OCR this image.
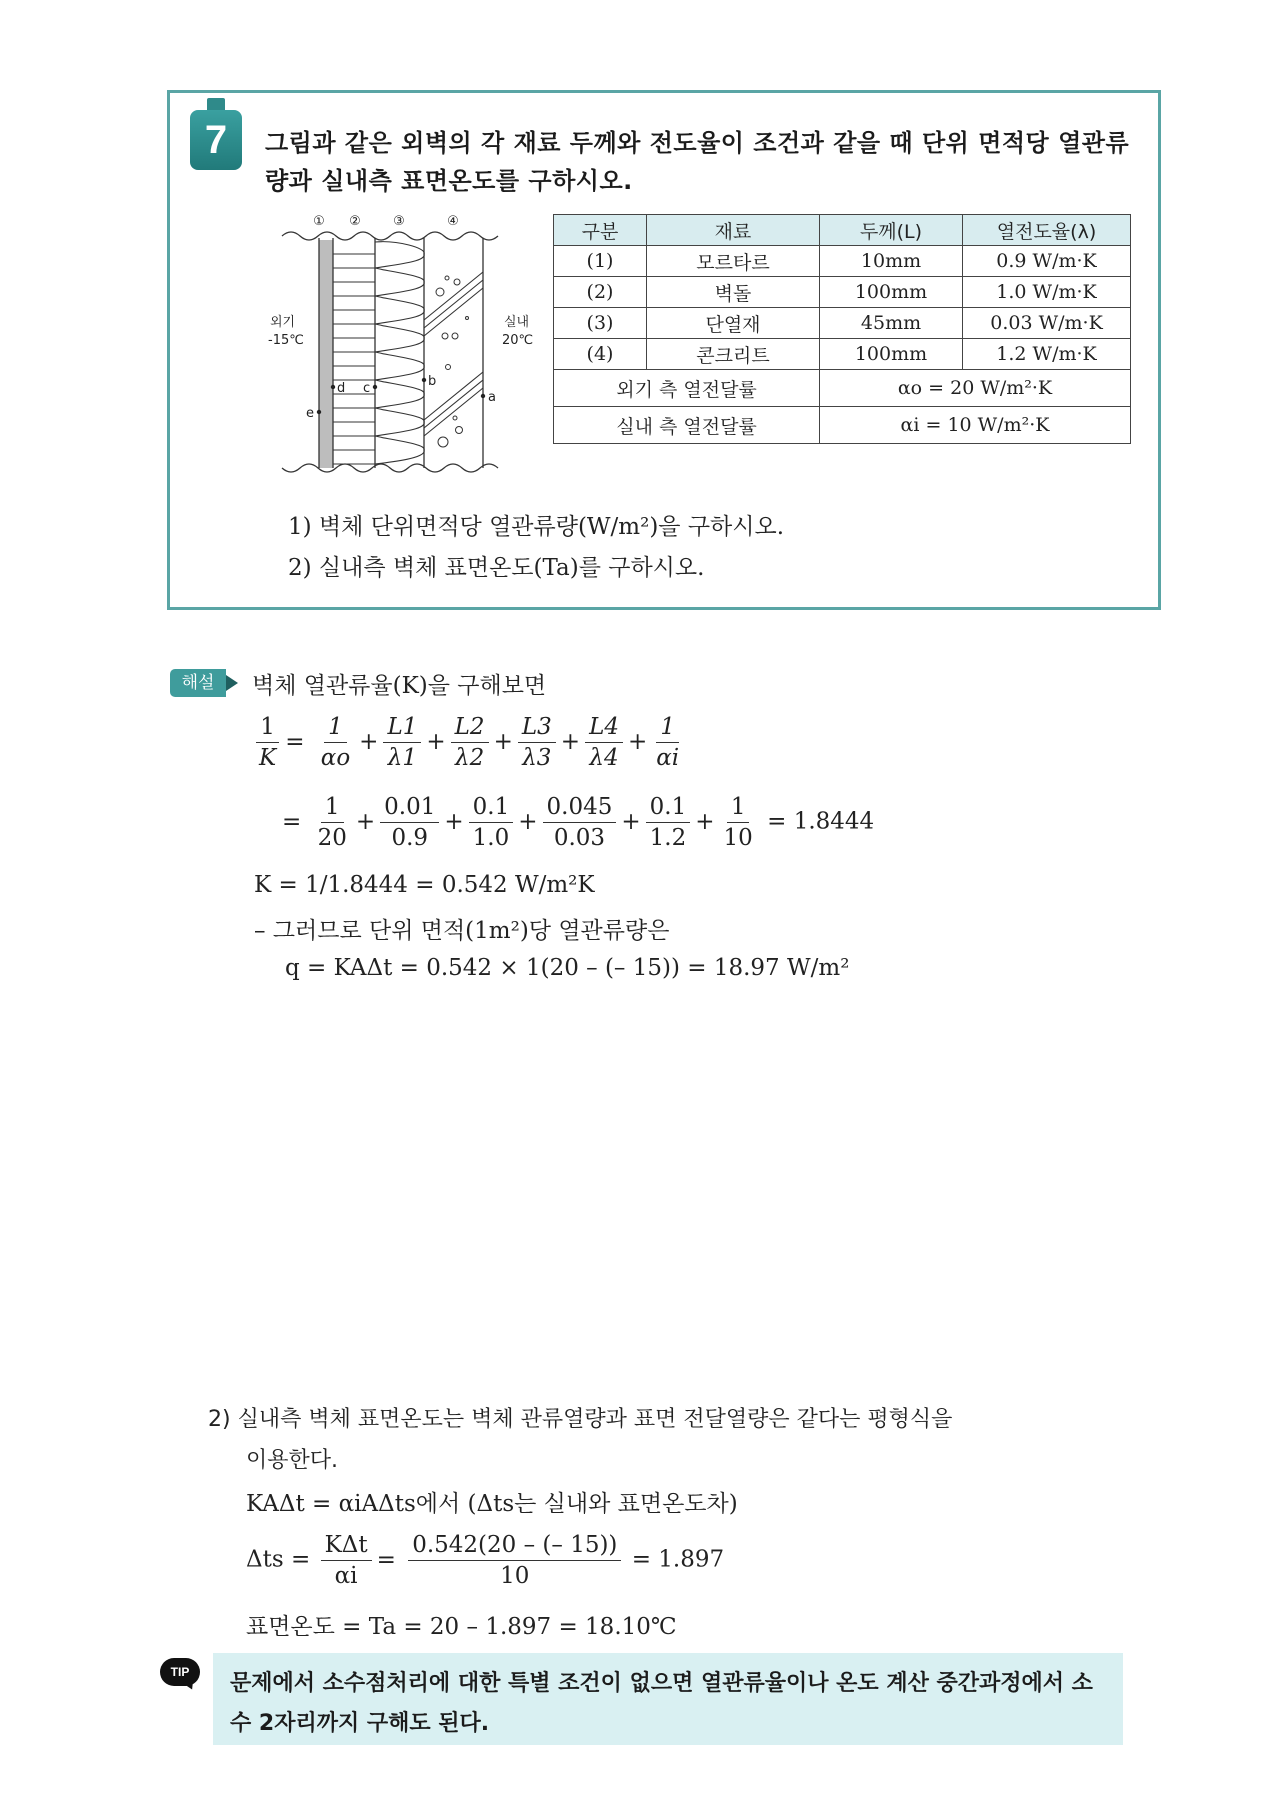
7	그림과 같은 외벽의 각 재료 두께와 전도율이 조건과 같을 때 단위 면적당 열관류량과 실내측 표면온도를 구하시오.
① ② ③	④
외기
-15℃
실내
20℃
e
d c	b
a
구분	재료	두께(L)	열전도율(λ)
(1)	모르타르	10mm	0.9 W/m·K
(2)	벽돌	100mm	1.0 W/m·K
(3)	단열재	45mm	0.03 W/m·K
(4)	콘크리트	100mm	1.2 W/m·K
외기 측 열전달률		αo = 20 W/m²·K	
실내 측 열전달률		αi = 10 W/m²·K	
1) 벽체 단위면적당 열관류량(W/m²)을 구하시오.
2) 실내측 벽체 표면온도(Ta)를 구하시오.
해설	벽체 열관류율(K)을 구해보면
$\frac{1}{K} = \frac{1}{\alpha o} + \frac{L1}{\lambda 1} + \frac{L2}{\lambda 2} + \frac{L3}{\lambda 3} + \frac{L4}{\lambda 4} + \frac{1}{\alpha i}$
= $\frac{1}{20} + \frac{0.01}{0.9} + \frac{0.1}{1.0} + \frac{0.045}{0.03} + \frac{0.1}{1.2} + \frac{1}{10} = 1.8444$
K = 1/1.8444 = 0.542 W/m²K
– 그러므로 단위 면적(1m²)당 열관류량은
q = KAΔt = 0.542 × 1(20 – (– 15)) = 18.97 W/m²
2) 실내측 벽체 표면온도는 벽체 관류열량과 표면 전달열량은 같다는 평형식을
이용한다.
KAΔt = αiAΔts에서 (Δts는 실내와 표면온도차)
$\Delta ts = \frac{\text{KΔt}}{\alpha i} = \frac{0.542(20 - (- 15))}{10} = 1.897$
표면온도 = Ta = 20 – 1.897 = 18.10℃
TIP	문제에서 소수점처리에 대한 특별 조건이 없으면 열관류율이나 온도 계산 중간과정에서 소수 2자리까지 구해도 된다.
